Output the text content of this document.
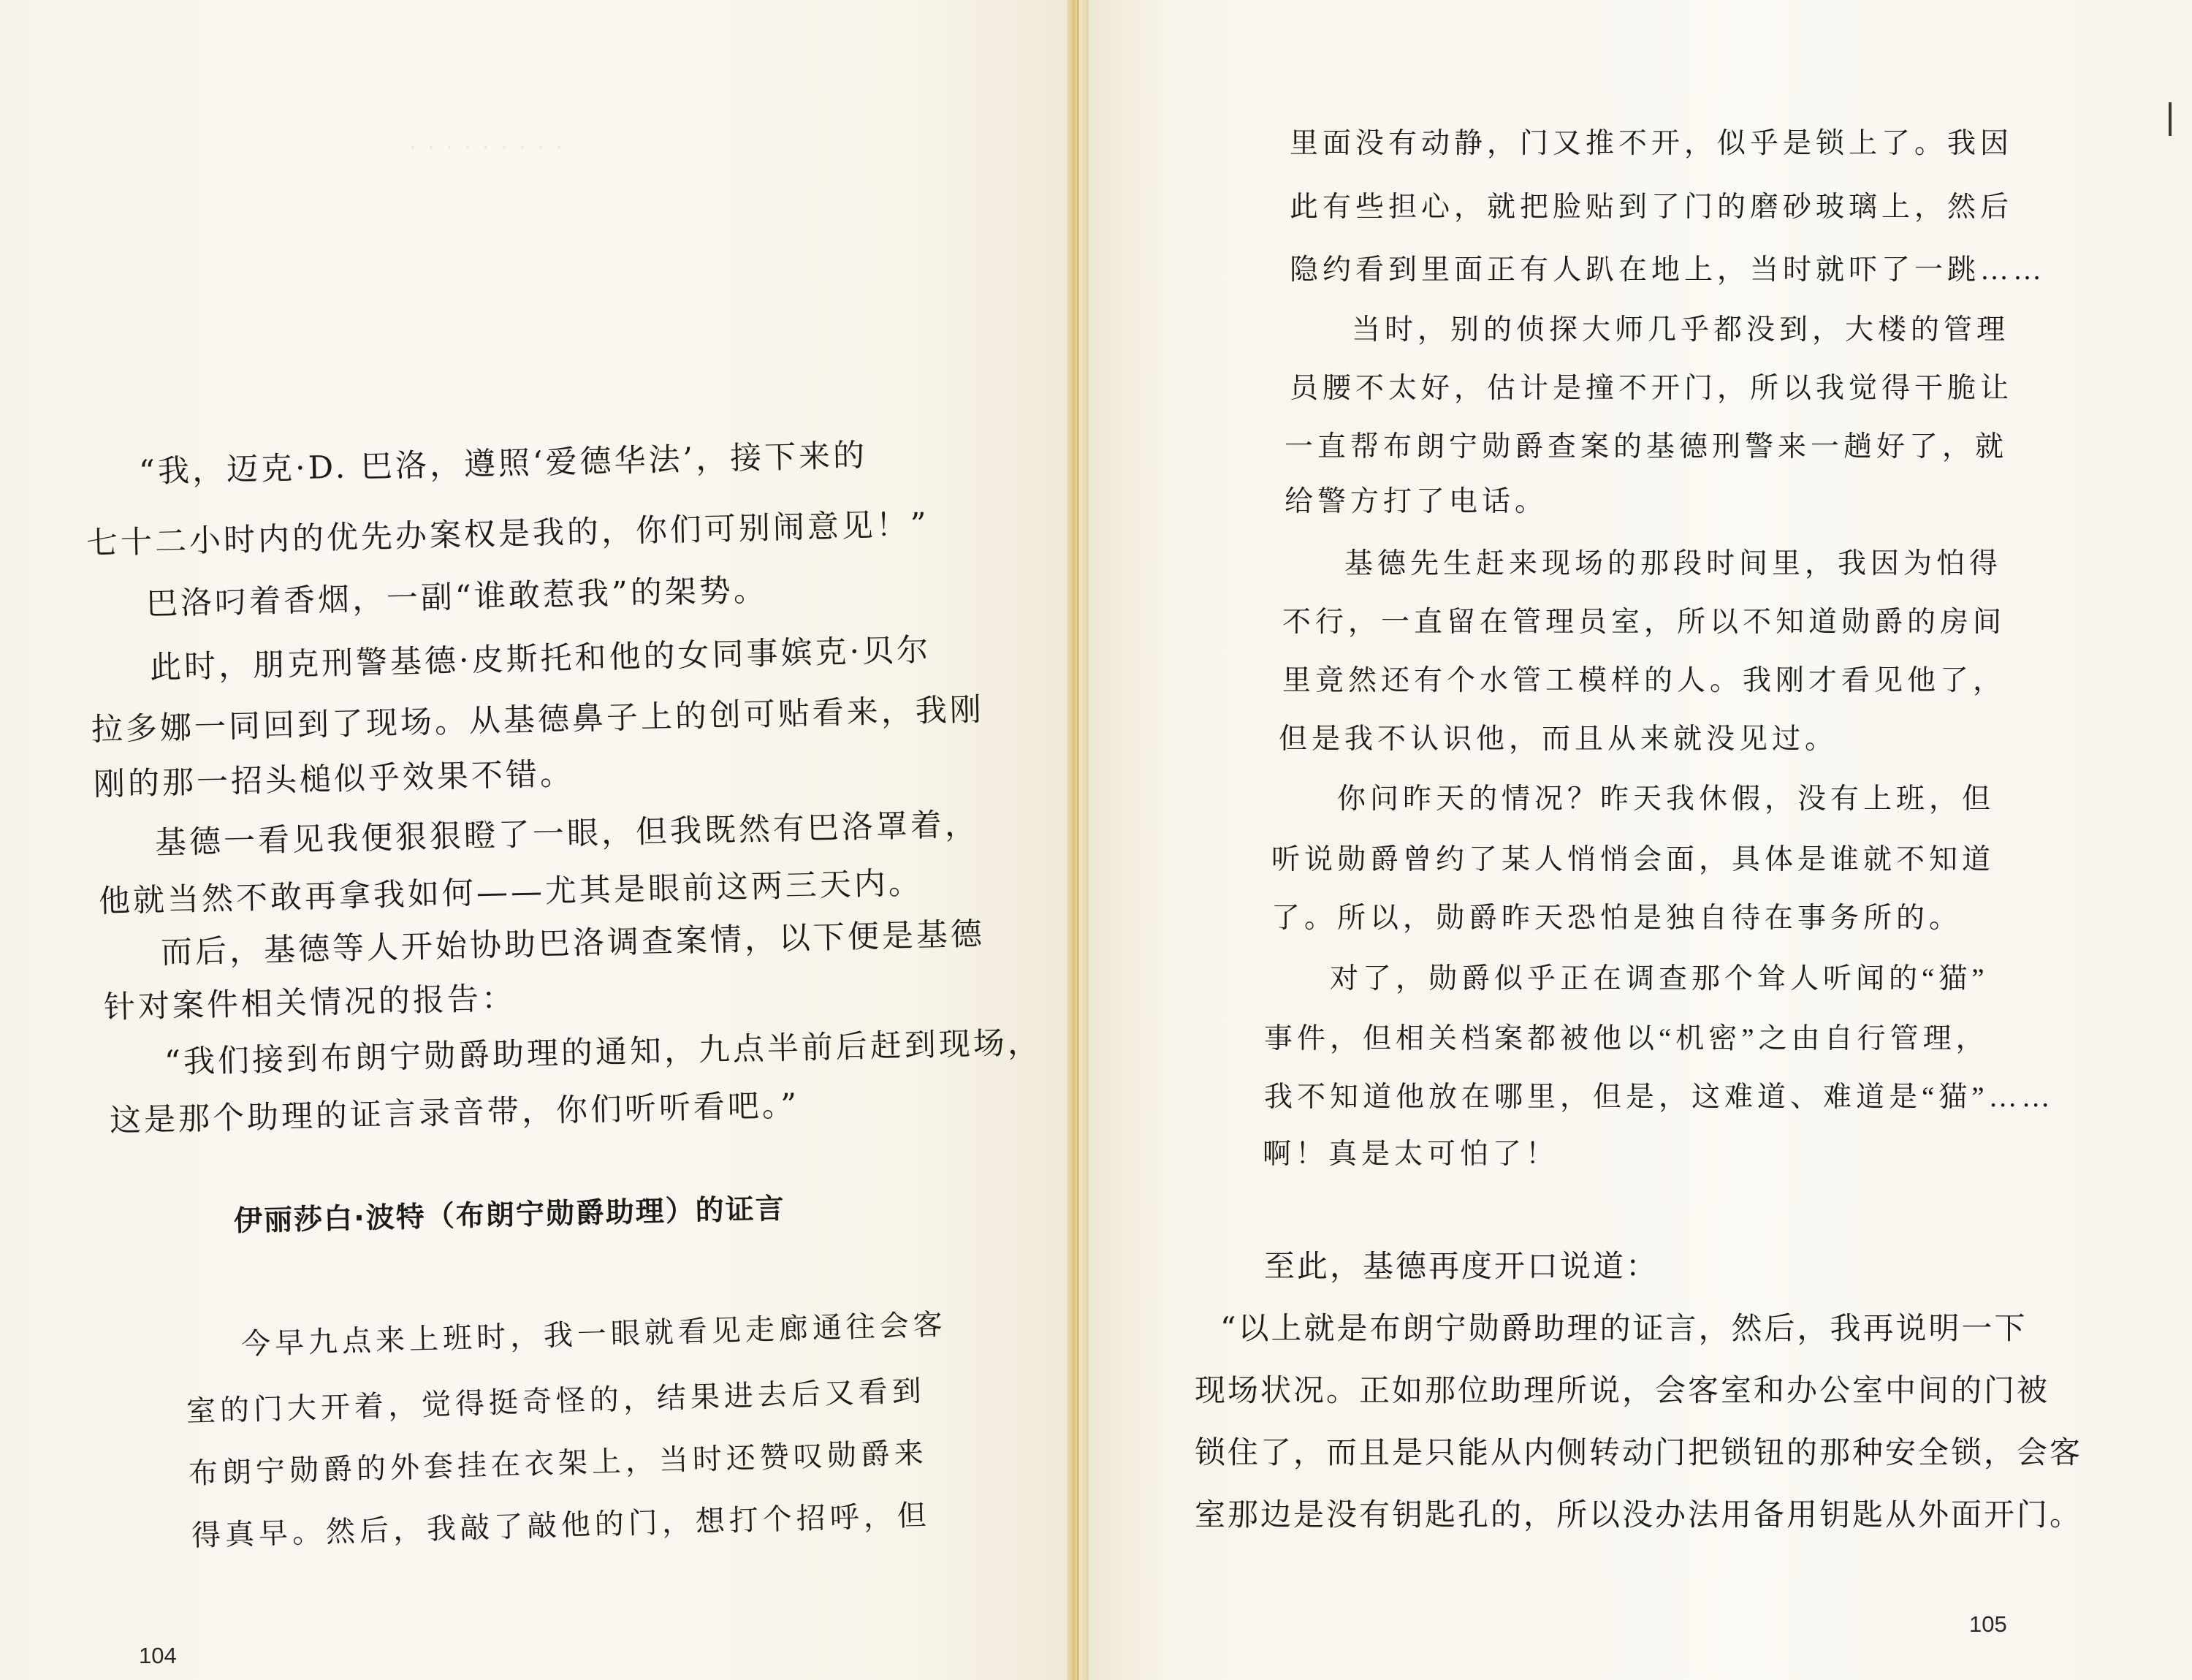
· · · · · · · · ·
“我，迈克·D. 巴洛，遵照‘爱德华法’，接下来的
七十二小时内的优先办案权是我的，你们可别闹意见！”
巴洛叼着香烟，一副“谁敢惹我”的架势。
此时，朋克刑警基德·皮斯托和他的女同事嫔克·贝尔
拉多娜一同回到了现场。从基德鼻子上的创可贴看来，我刚
刚的那一招头槌似乎效果不错。
基德一看见我便狠狠瞪了一眼，但我既然有巴洛罩着，
他就当然不敢再拿我如何——尤其是眼前这两三天内。
而后，基德等人开始协助巴洛调查案情，以下便是基德
针对案件相关情况的报告：
“我们接到布朗宁勋爵助理的通知，九点半前后赶到现场，
这是那个助理的证言录音带，你们听听看吧。”
伊丽莎白·波特（布朗宁勋爵助理）的证言
今早九点来上班时，我一眼就看见走廊通往会客
室的门大开着，觉得挺奇怪的，结果进去后又看到
布朗宁勋爵的外套挂在衣架上，当时还赞叹勋爵来
得真早。然后，我敲了敲他的门，想打个招呼，但
104
里面没有动静，门又推不开，似乎是锁上了。我因
此有些担心，就把脸贴到了门的磨砂玻璃上，然后
隐约看到里面正有人趴在地上，当时就吓了一跳……
当时，别的侦探大师几乎都没到，大楼的管理
员腰不太好，估计是撞不开门，所以我觉得干脆让
一直帮布朗宁勋爵查案的基德刑警来一趟好了，就
给警方打了电话。
基德先生赶来现场的那段时间里，我因为怕得
不行，一直留在管理员室，所以不知道勋爵的房间
里竟然还有个水管工模样的人。我刚才看见他了，
但是我不认识他，而且从来就没见过。
你问昨天的情况？昨天我休假，没有上班，但
听说勋爵曾约了某人悄悄会面，具体是谁就不知道
了。所以，勋爵昨天恐怕是独自待在事务所的。
对了，勋爵似乎正在调查那个耸人听闻的“猫”
事件，但相关档案都被他以“机密”之由自行管理，
我不知道他放在哪里，但是，这难道、难道是“猫”……
啊！真是太可怕了！
至此，基德再度开口说道：
“以上就是布朗宁勋爵助理的证言，然后，我再说明一下
现场状况。正如那位助理所说，会客室和办公室中间的门被
锁住了，而且是只能从内侧转动门把锁钮的那种安全锁，会客
室那边是没有钥匙孔的，所以没办法用备用钥匙从外面开门。
105
